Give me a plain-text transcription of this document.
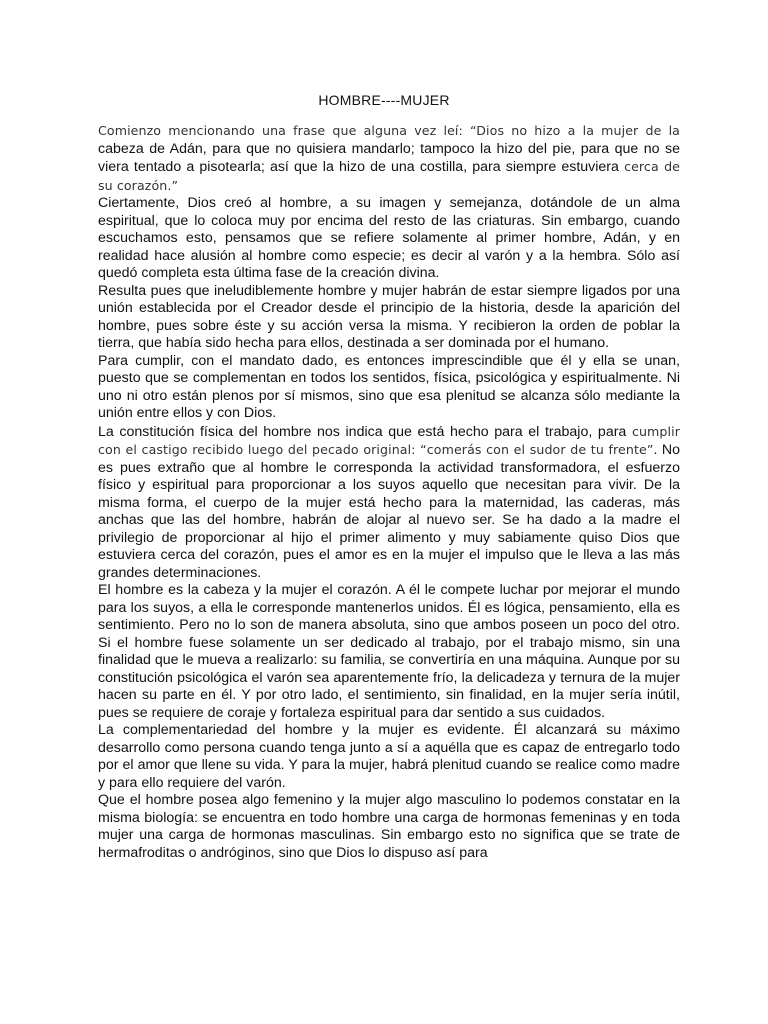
HOMBRE----MUJER

Comienzo mencionando una frase que alguna vez leí: “Dios no hizo a la mujer de la cabeza de Adán, para que no quisiera mandarlo; tampoco la hizo del pie, para que no se viera tentado a pisotearla; así que la hizo de una costilla, para siempre estuviera cerca de su corazón.”

Ciertamente, Dios creó al hombre, a su imagen y semejanza, dotándole de un alma espiritual, que lo coloca muy por encima del resto de las criaturas. Sin embargo, cuando escuchamos esto, pensamos que se refiere solamente al primer hombre, Adán, y en realidad hace alusión al hombre como especie; es decir al varón y a la hembra. Sólo así quedó completa esta última fase de la creación divina.

Resulta pues que ineludiblemente hombre y mujer habrán de estar siempre ligados por una unión establecida por el Creador desde el principio de la historia, desde la aparición del hombre, pues sobre éste y su acción versa la misma. Y recibieron la orden de poblar la tierra, que había sido hecha para ellos, destinada a ser dominada por el humano.

Para cumplir, con el mandato dado, es entonces imprescindible que él y ella se unan, puesto que se complementan en todos los sentidos, física, psicológica y espiritualmente. Ni uno ni otro están plenos por sí mismos, sino que esa plenitud se alcanza sólo mediante la unión entre ellos y con Dios.

La constitución física del hombre nos indica que está hecho para el trabajo, para cumplir con el castigo recibido luego del pecado original: “comerás con el sudor de tu frente”. No es pues extraño que al hombre le corresponda la actividad transformadora, el esfuerzo físico y espiritual para proporcionar a los suyos aquello que necesitan para vivir. De la misma forma, el cuerpo de la mujer está hecho para la maternidad, las caderas, más anchas que las del hombre, habrán de alojar al nuevo ser. Se ha dado a la madre el privilegio de proporcionar al hijo el primer alimento y muy sabiamente quiso Dios que estuviera cerca del corazón, pues el amor es en la mujer el impulso que le lleva a las más grandes determinaciones.

El hombre es la cabeza y la mujer el corazón. A él le compete luchar por mejorar el mundo para los suyos, a ella le corresponde mantenerlos unidos. Él es lógica, pensamiento, ella es sentimiento. Pero no lo son de manera absoluta, sino que ambos poseen un poco del otro. Si el hombre fuese solamente un ser dedicado al trabajo, por el trabajo mismo, sin una finalidad que le mueva a realizarlo: su familia, se convertiría en una máquina. Aunque por su constitución psicológica el varón sea aparentemente frío, la delicadeza y ternura de la mujer hacen su parte en él. Y por otro lado, el sentimiento, sin finalidad, en la mujer sería inútil, pues se requiere de coraje y fortaleza espiritual para dar sentido a sus cuidados.

La complementariedad del hombre y la mujer es evidente. Él alcanzará su máximo desarrollo como persona cuando tenga junto a sí a aquélla que es capaz de entregarlo todo por el amor que llene su vida. Y para la mujer, habrá plenitud cuando se realice como madre y para ello requiere del varón.

Que el hombre posea algo femenino y la mujer algo masculino lo podemos constatar en la misma biología: se encuentra en todo hombre una carga de hormonas femeninas y en toda mujer una carga de hormonas masculinas. Sin embargo esto no significa que se trate de hermafroditas o andróginos, sino que Dios lo dispuso así para
